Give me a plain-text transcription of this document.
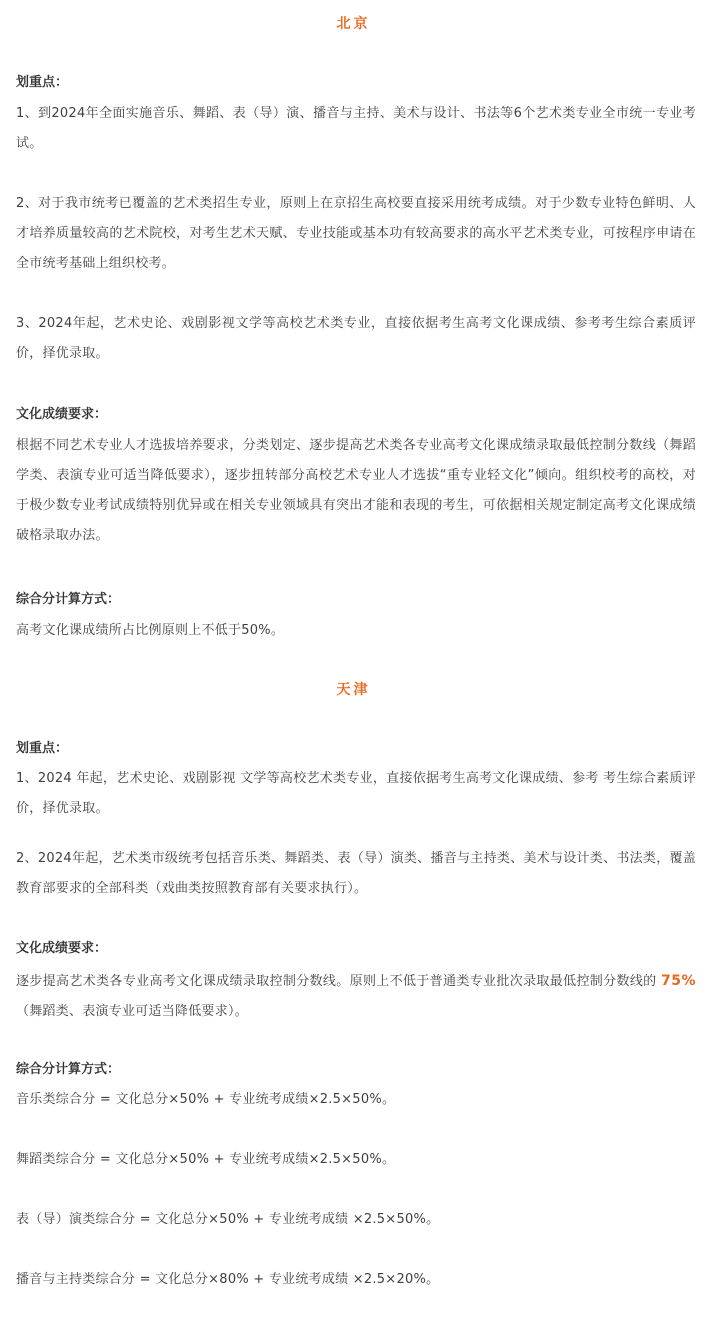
北京
划重点：
1、到2024年全面实施音乐、舞蹈、表（导）演、播音与主持、美术与设计、书法等6个艺术类专业全市统一专业考试。
2、对于我市统考已覆盖的艺术类招生专业，原则上在京招生高校要直接采用统考成绩。对于少数专业特色鲜明、人才培养质量较高的艺术院校，对考生艺术天赋、专业技能或基本功有较高要求的高水平艺术类专业，可按程序申请在全市统考基础上组织校考。
3、2024年起，艺术史论、戏剧影视文学等高校艺术类专业，直接依据考生高考文化课成绩、参考考生综合素质评价，择优录取。
文化成绩要求：
根据不同艺术专业人才选拔培养要求，分类划定、逐步提高艺术类各专业高考文化课成绩录取最低控制分数线（舞蹈学类、表演专业可适当降低要求），逐步扭转部分高校艺术专业人才选拔“重专业轻文化”倾向。组织校考的高校，对于极少数专业考试成绩特别优异或在相关专业领域具有突出才能和表现的考生，可依据相关规定制定高考文化课成绩破格录取办法。
综合分计算方式：
高考文化课成绩所占比例原则上不低于50%。
天津
划重点：
1、2024 年起，艺术史论、戏剧影视 文学等高校艺术类专业，直接依据考生高考文化课成绩、参考 考生综合素质评价，择优录取。
2、2024年起，艺术类市级统考包括音乐类、舞蹈类、表（导）演类、播音与主持类、美术与设计类、书法类，覆盖教育部要求的全部科类（戏曲类按照教育部有关要求执行）。
文化成绩要求：
逐步提高艺术类各专业高考文化课成绩录取控制分数线。原则上不低于普通类专业批次录取最低控制分数线的 75%（舞蹈类、表演专业可适当降低要求）。
综合分计算方式：
音乐类综合分 = 文化总分×50% + 专业统考成绩×2.5×50%。
舞蹈类综合分 = 文化总分×50% + 专业统考成绩×2.5×50%。
表（导）演类综合分 = 文化总分×50% + 专业统考成绩 ×2.5×50%。
播音与主持类综合分 = 文化总分×80% + 专业统考成绩 ×2.5×20%。
